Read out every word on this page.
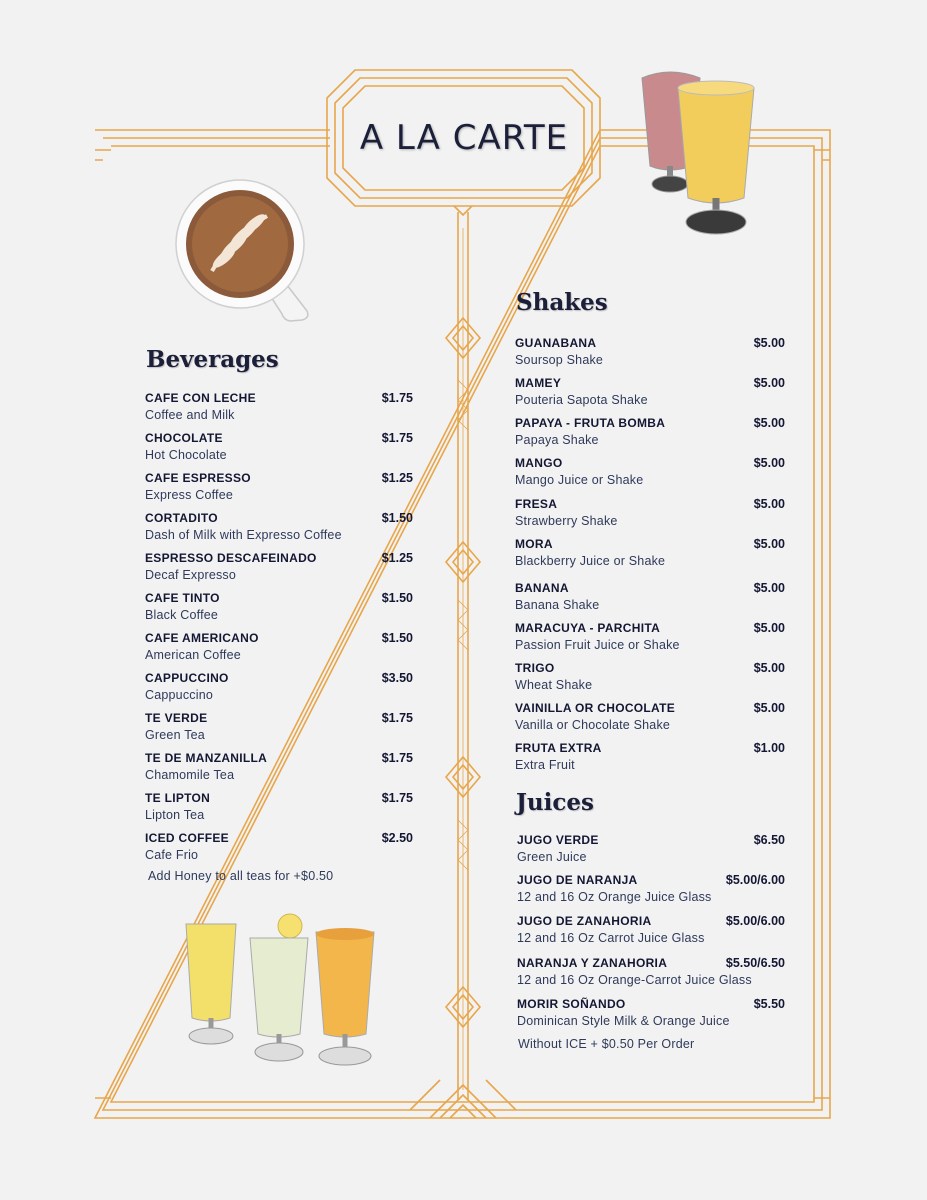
A LA CARTE
Beverages
CAFE CON LECHE
Coffee and Milk
$1.75
CHOCOLATE
Hot Chocolate
$1.75
CAFE ESPRESSO
Express Coffee
$1.25
CORTADITO
Dash of Milk with Expresso Coffee
$1.50
ESPRESSO DESCAFEINADO
Decaf Expresso
$1.25
CAFE TINTO
Black Coffee
$1.50
CAFE AMERICANO
American Coffee
$1.50
CAPPUCCINO
Cappuccino
$3.50
TE VERDE
Green Tea
$1.75
TE DE MANZANILLA
Chamomile Tea
$1.75
TE LIPTON
Lipton Tea
$1.75
ICED COFFEE
Cafe Frio
$2.50
Add Honey to all teas for +$0.50
Shakes
GUANABANA
Soursop Shake
$5.00
MAMEY
Pouteria Sapota Shake
$5.00
PAPAYA - FRUTA BOMBA
Papaya Shake
$5.00
MANGO
Mango Juice or Shake
$5.00
FRESA
Strawberry Shake
$5.00
MORA
Blackberry Juice or Shake
$5.00
BANANA
Banana Shake
$5.00
MARACUYA - PARCHITA
Passion Fruit Juice or Shake
$5.00
TRIGO
Wheat Shake
$5.00
VAINILLA OR CHOCOLATE
Vanilla or Chocolate Shake
$5.00
FRUTA EXTRA
Extra Fruit
$1.00
Juices
JUGO VERDE
Green Juice
$6.50
JUGO DE NARANJA
12 and 16 Oz Orange Juice Glass
$5.00/6.00
JUGO DE ZANAHORIA
12 and 16 Oz Carrot Juice Glass
$5.00/6.00
NARANJA Y ZANAHORIA
12 and 16 Oz Orange-Carrot Juice Glass
$5.50/6.50
MORIR SOÑANDO
Dominican Style Milk & Orange Juice
$5.50
Without ICE + $0.50 Per Order
